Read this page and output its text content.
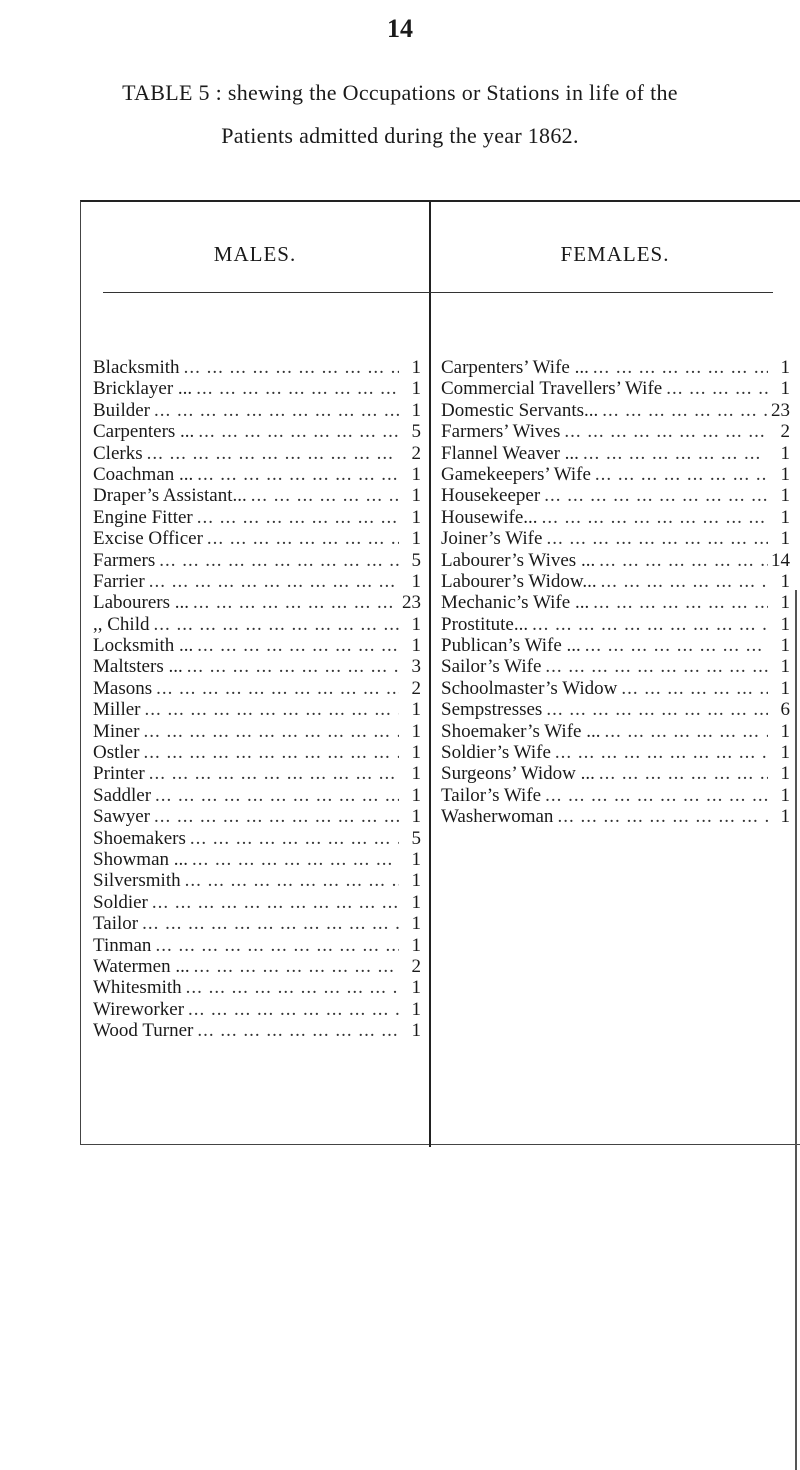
14
TABLE 5 : shewing the Occupations or Stations in life of the
Patients admitted during the year 1862.
MALES.	FEMALES.
Blacksmith ... .	1
Bricklayer ... ... .	1
Builder ... .	1
Carpenters ... ... .	5
Clerks ... .	2
Coachman ... ... .	1
Draper’s Assistant... ... .	1
Engine Fitter ... .	1
Excise Officer ... .	1
Farmers ... .	5
Farrier ... .	1
Labourers ... ... .	23
,, Child ... .	1
Locksmith ... ... .	1
Maltsters ... ... .	3
Masons ... .	2
Miller ... .	1
Miner ... .	1
Ostler ... .	1
Printer ... .	1
Saddler ... .	1
Sawyer ... .	1
Shoemakers ... .	5
Showman ... ... .	1
Silversmith ... .	1
Soldier ... .	1
Tailor ... .	1
Tinman ... .	1
Watermen ... ... .	2
Whitesmith ... .	1
Wireworker ... .	1
Wood Turner ... .	1
Carpenters’ Wife ... ... .	1
Commercial Travellers’ Wife ... .	1
Domestic Servants... ... .	23
Farmers’ Wives ... .	2
Flannel Weaver ... ... .	1
Gamekeepers’ Wife ... .	1
Housekeeper ... .	1
Housewife... ... .	1
Joiner’s Wife ... .	1
Labourer’s Wives ... ... .	14
Labourer’s Widow... ... .	1
Mechanic’s Wife ... ... .	1
Prostitute... ... .	1
Publican’s Wife ... ... .	1
Sailor’s Wife ... .	1
Schoolmaster’s Widow ... .	1
Sempstresses ... .	6
Shoemaker’s Wife ... ... .	1
Soldier’s Wife ... .	1
Surgeons’ Widow ... ... .	1
Tailor’s Wife ... .	1
Washerwoman ... .	1
